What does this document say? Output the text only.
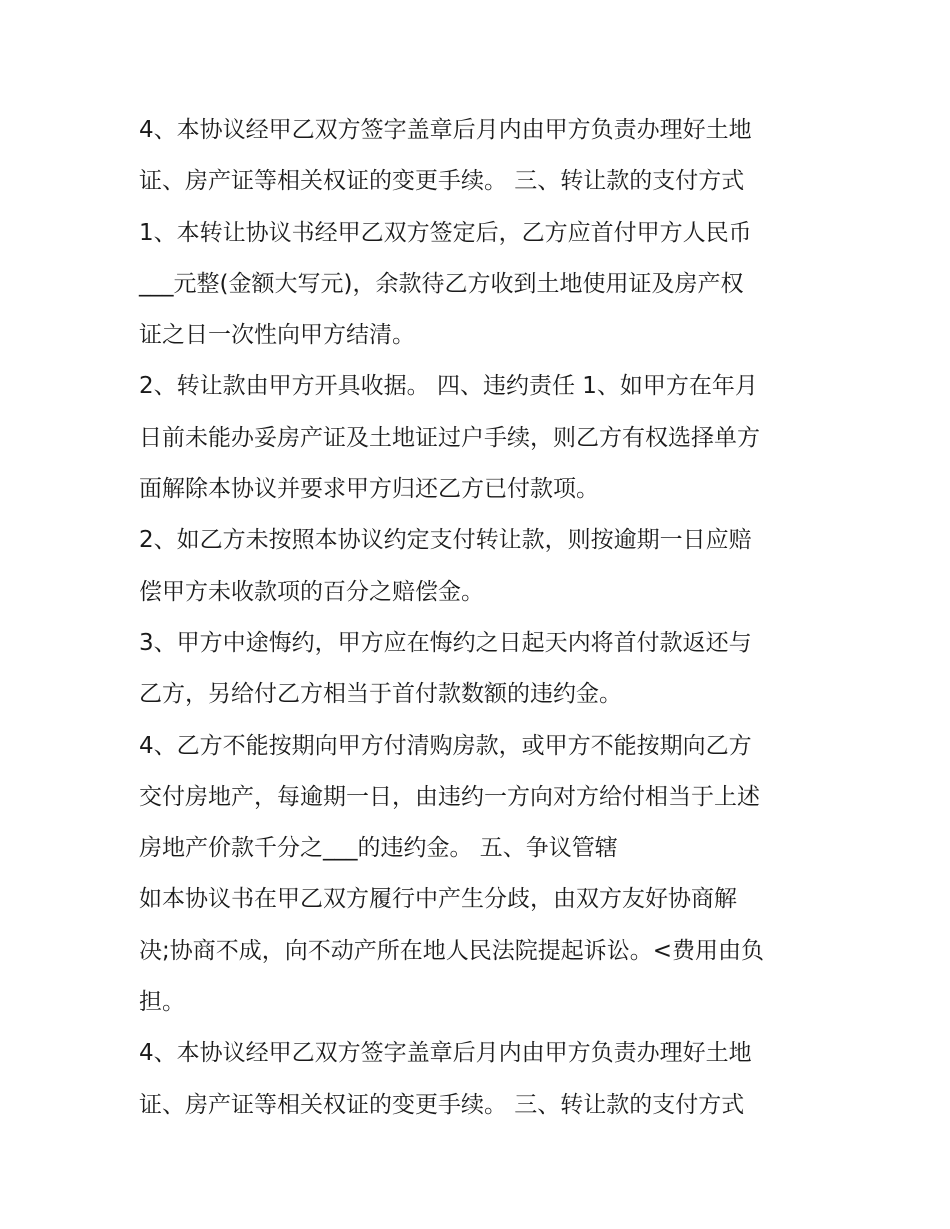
4、本协议经甲乙双方签字盖章后月内由甲方负责办理好土地
证、房产证等相关权证的变更手续。 三、转让款的支付方式

1、本转让协议书经甲乙双方签定后，乙方应首付甲方人民币
___元整(金额大写元)，余款待乙方收到土地使用证及房产权
证之日一次性向甲方结清。

2、转让款由甲方开具收据。 四、违约责任 1、如甲方在年月
日前未能办妥房产证及土地证过户手续，则乙方有权选择单方
面解除本协议并要求甲方归还乙方已付款项。

2、如乙方未按照本协议约定支付转让款，则按逾期一日应赔
偿甲方未收款项的百分之赔偿金。

3、甲方中途悔约，甲方应在悔约之日起天内将首付款返还与
乙方，另给付乙方相当于首付款数额的违约金。

4、乙方不能按期向甲方付清购房款，或甲方不能按期向乙方
交付房地产，每逾期一日，由违约一方向对方给付相当于上述
房地产价款千分之___的违约金。 五、争议管辖

如本协议书在甲乙双方履行中产生分歧，由双方友好协商解
决;协商不成，向不动产所在地人民法院提起诉讼。<费用由负
担。

4、本协议经甲乙双方签字盖章后月内由甲方负责办理好土地
证、房产证等相关权证的变更手续。 三、转让款的支付方式
